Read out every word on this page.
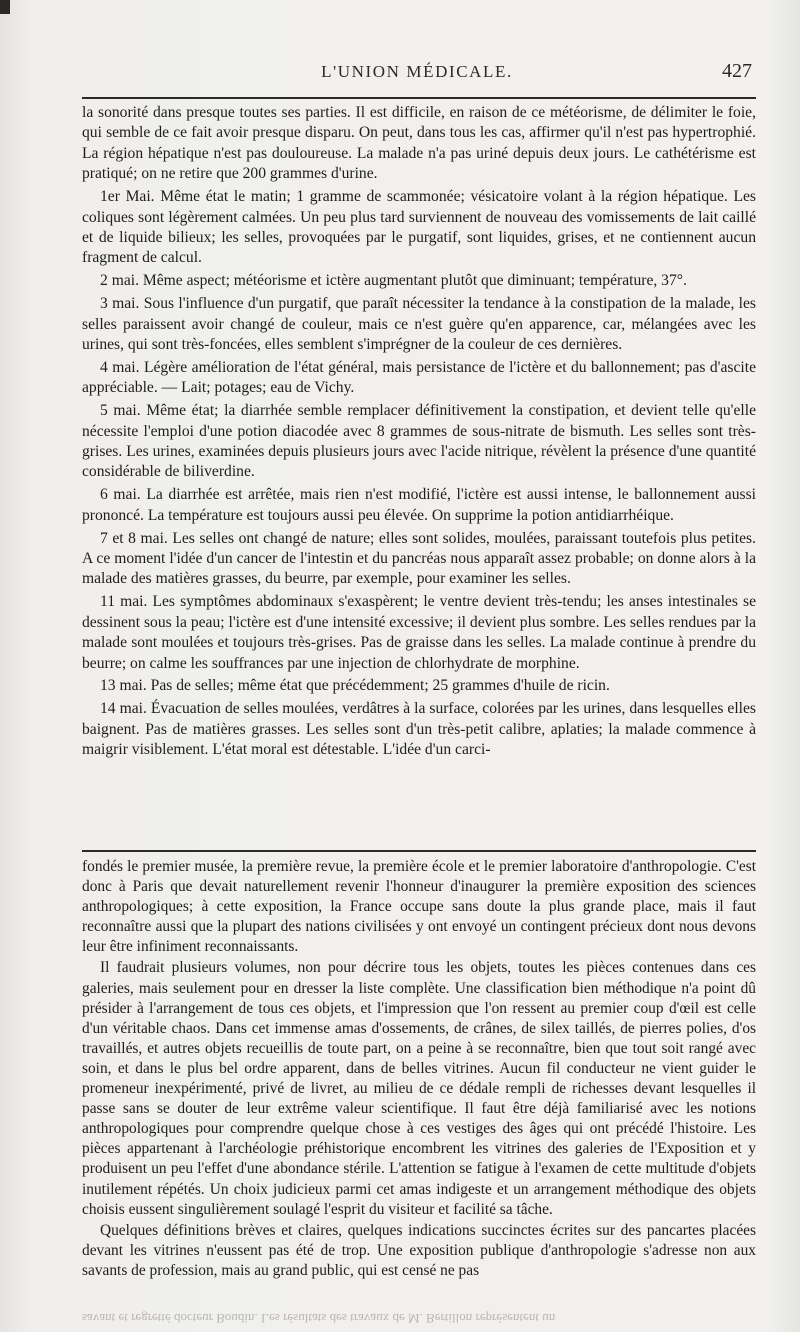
L'UNION MÉDICALE.	427

la sonorité dans presque toutes ses parties. Il est difficile, en raison de ce météorisme, de délimiter le foie, qui semble de ce fait avoir presque disparu. On peut, dans tous les cas, affirmer qu'il n'est pas hypertrophié. La région hépatique n'est pas douloureuse. La malade n'a pas uriné depuis deux jours. Le cathétérisme est pratiqué; on ne retire que 200 grammes d'urine.

1er Mai. Même état le matin; 1 gramme de scammonée; vésicatoire volant à la région hépatique. Les coliques sont légèrement calmées. Un peu plus tard surviennent de nouveau des vomissements de lait caillé et de liquide bilieux; les selles, provoquées par le purgatif, sont liquides, grises, et ne contiennent aucun fragment de calcul.

2 mai. Même aspect; météorisme et ictère augmentant plutôt que diminuant; température, 37°.

3 mai. Sous l'influence d'un purgatif, que paraît nécessiter la tendance à la constipation de la malade, les selles paraissent avoir changé de couleur, mais ce n'est guère qu'en apparence, car, mélangées avec les urines, qui sont très-foncées, elles semblent s'imprégner de la couleur de ces dernières.

4 mai. Légère amélioration de l'état général, mais persistance de l'ictère et du ballonnement; pas d'ascite appréciable. — Lait; potages; eau de Vichy.

5 mai. Même état; la diarrhée semble remplacer définitivement la constipation, et devient telle qu'elle nécessite l'emploi d'une potion diacodée avec 8 grammes de sous-nitrate de bismuth. Les selles sont très-grises. Les urines, examinées depuis plusieurs jours avec l'acide nitrique, révèlent la présence d'une quantité considérable de biliverdine.

6 mai. La diarrhée est arrêtée, mais rien n'est modifié, l'ictère est aussi intense, le ballonnement aussi prononcé. La température est toujours aussi peu élevée. On supprime la potion antidiarrhéique.

7 et 8 mai. Les selles ont changé de nature; elles sont solides, moulées, paraissant toutefois plus petites. A ce moment l'idée d'un cancer de l'intestin et du pancréas nous apparaît assez probable; on donne alors à la malade des matières grasses, du beurre, par exemple, pour examiner les selles.

11 mai. Les symptômes abdominaux s'exaspèrent; le ventre devient très-tendu; les anses intestinales se dessinent sous la peau; l'ictère est d'une intensité excessive; il devient plus sombre. Les selles rendues par la malade sont moulées et toujours très-grises. Pas de graisse dans les selles. La malade continue à prendre du beurre; on calme les souffrances par une injection de chlorhydrate de morphine.

13 mai. Pas de selles; même état que précédemment; 25 grammes d'huile de ricin.

14 mai. Évacuation de selles moulées, verdâtres à la surface, colorées par les urines, dans lesquelles elles baignent. Pas de matières grasses. Les selles sont d'un très-petit calibre, aplaties; la malade commence à maigrir visiblement. L'état moral est détestable. L'idée d'un carci-

fondés le premier musée, la première revue, la première école et le premier laboratoire d'anthropologie. C'est donc à Paris que devait naturellement revenir l'honneur d'inaugurer la première exposition des sciences anthropologiques; à cette exposition, la France occupe sans doute la plus grande place, mais il faut reconnaître aussi que la plupart des nations civilisées y ont envoyé un contingent précieux dont nous devons leur être infiniment reconnaissants.

Il faudrait plusieurs volumes, non pour décrire tous les objets, toutes les pièces contenues dans ces galeries, mais seulement pour en dresser la liste complète. Une classification bien méthodique n'a point dû présider à l'arrangement de tous ces objets, et l'impression que l'on ressent au premier coup d'œil est celle d'un véritable chaos. Dans cet immense amas d'ossements, de crânes, de silex taillés, de pierres polies, d'os travaillés, et autres objets recueillis de toute part, on a peine à se reconnaître, bien que tout soit rangé avec soin, et dans le plus bel ordre apparent, dans de belles vitrines. Aucun fil conducteur ne vient guider le promeneur inexpérimenté, privé de livret, au milieu de ce dédale rempli de richesses devant lesquelles il passe sans se douter de leur extrême valeur scientifique. Il faut être déjà familiarisé avec les notions anthropologiques pour comprendre quelque chose à ces vestiges des âges qui ont précédé l'histoire. Les pièces appartenant à l'archéologie préhistorique encombrent les vitrines des galeries de l'Exposition et y produisent un peu l'effet d'une abondance stérile. L'attention se fatigue à l'examen de cette multitude d'objets inutilement répétés. Un choix judicieux parmi cet amas indigeste et un arrangement méthodique des objets choisis eussent singulièrement soulagé l'esprit du visiteur et facilité sa tâche.

Quelques définitions brèves et claires, quelques indications succinctes écrites sur des pancartes placées devant les vitrines n'eussent pas été de trop. Une exposition publique d'anthropologie s'adresse non aux savants de profession, mais au grand public, qui est censé ne pas

savant et regretté docteur Boudin. Les résultats des travaux de M. Bertillon représentent un
